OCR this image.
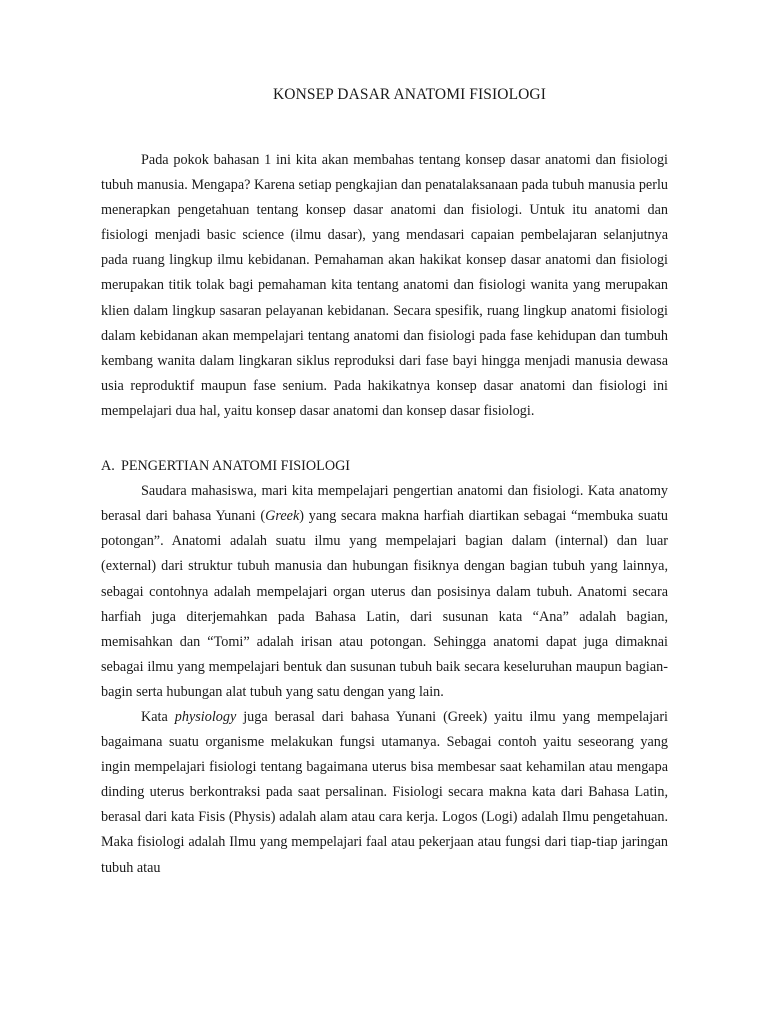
KONSEP DASAR ANATOMI FISIOLOGI

Pada pokok bahasan 1 ini kita akan membahas tentang konsep dasar anatomi dan fisiologi tubuh manusia. Mengapa? Karena setiap pengkajian dan penatalaksanaan pada tubuh manusia perlu menerapkan pengetahuan tentang konsep dasar anatomi dan fisiologi. Untuk itu anatomi dan fisiologi menjadi basic science (ilmu dasar), yang mendasari capaian pembelajaran selanjutnya pada ruang lingkup ilmu kebidanan. Pemahaman akan hakikat konsep dasar anatomi dan fisiologi merupakan titik tolak bagi pemahaman kita tentang anatomi dan fisiologi wanita yang merupakan klien dalam lingkup sasaran pelayanan kebidanan. Secara spesifik, ruang lingkup anatomi fisiologi dalam kebidanan akan mempelajari tentang anatomi dan fisiologi pada fase kehidupan dan tumbuh kembang wanita dalam lingkaran siklus reproduksi dari fase bayi hingga menjadi manusia dewasa usia reproduktif maupun fase senium. Pada hakikatnya konsep dasar anatomi dan fisiologi ini mempelajari dua hal, yaitu konsep dasar anatomi dan konsep dasar fisiologi.

A. PENGERTIAN ANATOMI FISIOLOGI

Saudara mahasiswa, mari kita mempelajari pengertian anatomi dan fisiologi. Kata anatomy berasal dari bahasa Yunani (Greek) yang secara makna harfiah diartikan sebagai “membuka suatu potongan”. Anatomi adalah suatu ilmu yang mempelajari bagian dalam (internal) dan luar (external) dari struktur tubuh manusia dan hubungan fisiknya dengan bagian tubuh yang lainnya, sebagai contohnya adalah mempelajari organ uterus dan posisinya dalam tubuh. Anatomi secara harfiah juga diterjemahkan pada Bahasa Latin, dari susunan kata “Ana” adalah bagian, memisahkan dan “Tomi” adalah irisan atau potongan. Sehingga anatomi dapat juga dimaknai sebagai ilmu yang mempelajari bentuk dan susunan tubuh baik secara keseluruhan maupun bagian-bagin serta hubungan alat tubuh yang satu dengan yang lain.

Kata physiology juga berasal dari bahasa Yunani (Greek) yaitu ilmu yang mempelajari bagaimana suatu organisme melakukan fungsi utamanya. Sebagai contoh yaitu seseorang yang ingin mempelajari fisiologi tentang bagaimana uterus bisa membesar saat kehamilan atau mengapa dinding uterus berkontraksi pada saat persalinan. Fisiologi secara makna kata dari Bahasa Latin, berasal dari kata Fisis (Physis) adalah alam atau cara kerja. Logos (Logi) adalah Ilmu pengetahuan. Maka fisiologi adalah Ilmu yang mempelajari faal atau pekerjaan atau fungsi dari tiap-tiap jaringan tubuh atau
